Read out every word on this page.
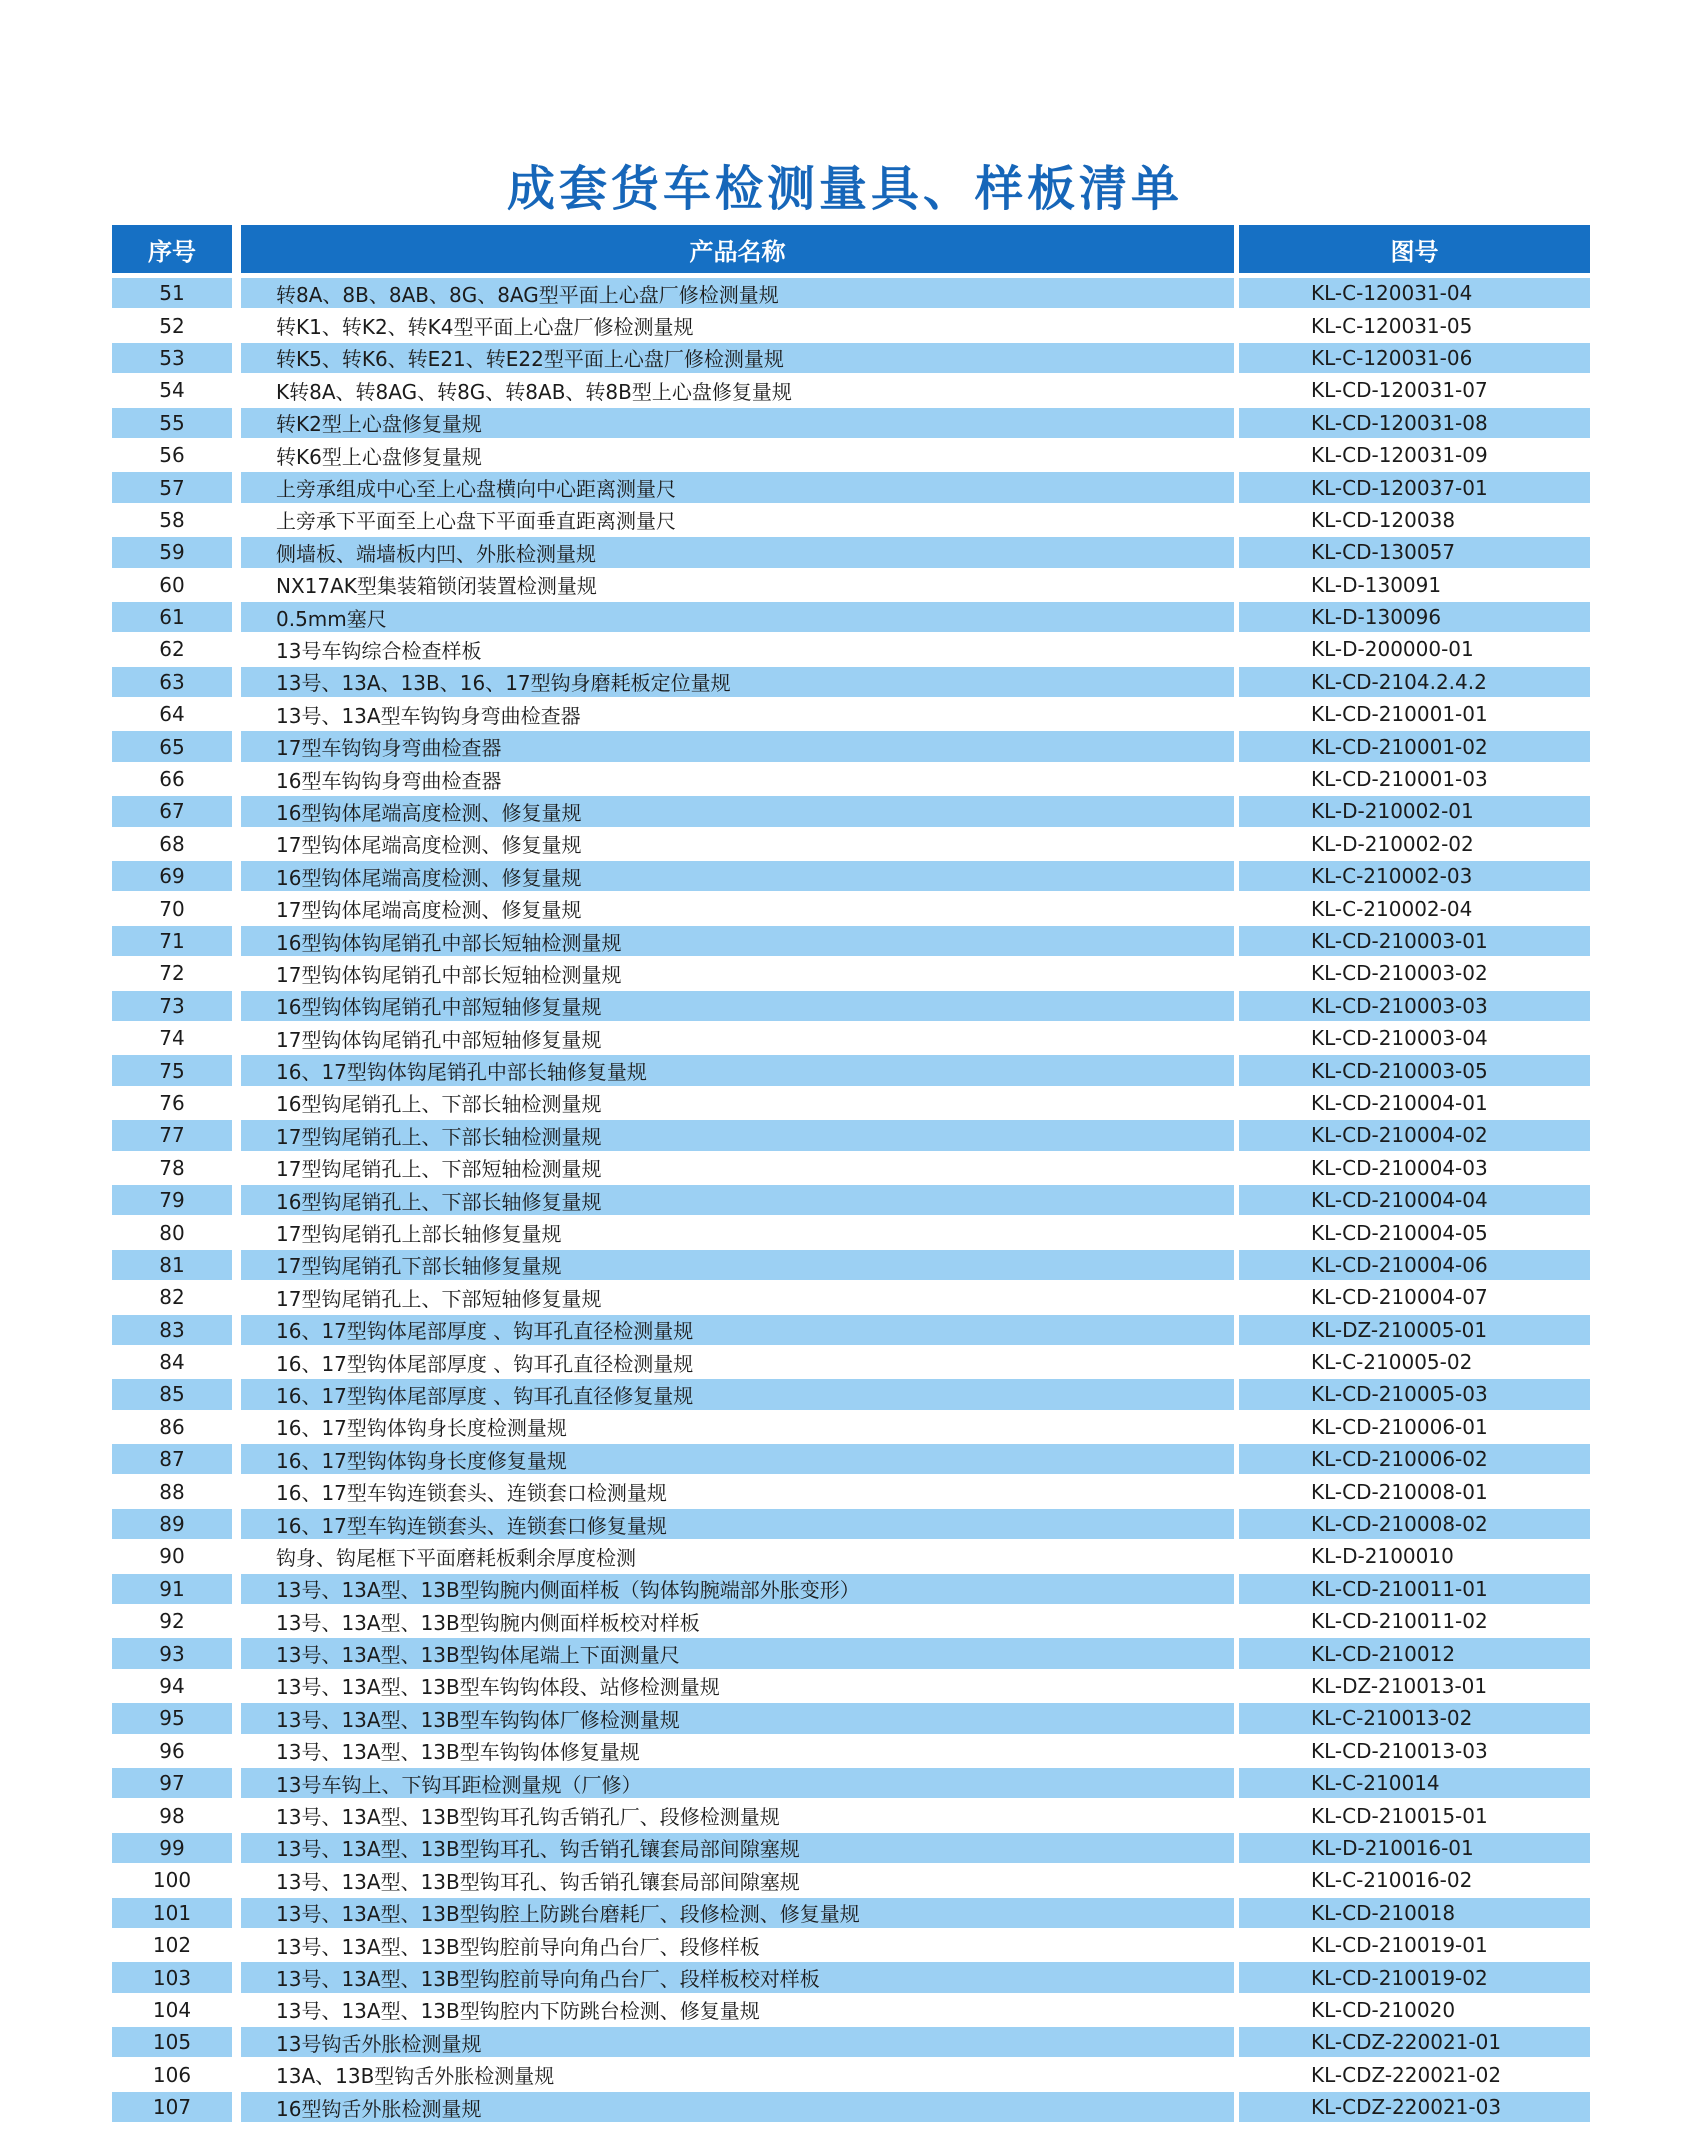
成套货车检测量具、样板清单
序号	产品名称	图号
51	转8A、8B、8AB、8G、8AG型平面上心盘厂修检测量规	KL-C-120031-04
52	转K1、转K2、转K4型平面上心盘厂修检测量规	KL-C-120031-05
53	转K5、转K6、转E21、转E22型平面上心盘厂修检测量规	KL-C-120031-06
54	K转8A、转8AG、转8G、转8AB、转8B型上心盘修复量规	KL-CD-120031-07
55	转K2型上心盘修复量规	KL-CD-120031-08
56	转K6型上心盘修复量规	KL-CD-120031-09
57	上旁承组成中心至上心盘横向中心距离测量尺	KL-CD-120037-01
58	上旁承下平面至上心盘下平面垂直距离测量尺	KL-CD-120038
59	侧墙板、端墙板内凹、外胀检测量规	KL-CD-130057
60	NX17AK型集装箱锁闭装置检测量规	KL-D-130091
61	0.5mm塞尺	KL-D-130096
62	13号车钩综合检查样板	KL-D-200000-01
63	13号、13A、13B、16、17型钩身磨耗板定位量规	KL-CD-2104.2.4.2
64	13号、13A型车钩钩身弯曲检查器	KL-CD-210001-01
65	17型车钩钩身弯曲检查器	KL-CD-210001-02
66	16型车钩钩身弯曲检查器	KL-CD-210001-03
67	16型钩体尾端高度检测、修复量规	KL-D-210002-01
68	17型钩体尾端高度检测、修复量规	KL-D-210002-02
69	16型钩体尾端高度检测、修复量规	KL-C-210002-03
70	17型钩体尾端高度检测、修复量规	KL-C-210002-04
71	16型钩体钩尾销孔中部长短轴检测量规	KL-CD-210003-01
72	17型钩体钩尾销孔中部长短轴检测量规	KL-CD-210003-02
73	16型钩体钩尾销孔中部短轴修复量规	KL-CD-210003-03
74	17型钩体钩尾销孔中部短轴修复量规	KL-CD-210003-04
75	16、17型钩体钩尾销孔中部长轴修复量规	KL-CD-210003-05
76	16型钩尾销孔上、下部长轴检测量规	KL-CD-210004-01
77	17型钩尾销孔上、下部长轴检测量规	KL-CD-210004-02
78	17型钩尾销孔上、下部短轴检测量规	KL-CD-210004-03
79	16型钩尾销孔上、下部长轴修复量规	KL-CD-210004-04
80	17型钩尾销孔上部长轴修复量规	KL-CD-210004-05
81	17型钩尾销孔下部长轴修复量规	KL-CD-210004-06
82	17型钩尾销孔上、下部短轴修复量规	KL-CD-210004-07
83	16、17型钩体尾部厚度 、钩耳孔直径检测量规	KL-DZ-210005-01
84	16、17型钩体尾部厚度 、钩耳孔直径检测量规	KL-C-210005-02
85	16、17型钩体尾部厚度 、钩耳孔直径修复量规	KL-CD-210005-03
86	16、17型钩体钩身长度检测量规	KL-CD-210006-01
87	16、17型钩体钩身长度修复量规	KL-CD-210006-02
88	16、17型车钩连锁套头、连锁套口检测量规	KL-CD-210008-01
89	16、17型车钩连锁套头、连锁套口修复量规	KL-CD-210008-02
90	钩身、钩尾框下平面磨耗板剩余厚度检测	KL-D-2100010
91	13号、13A型、13B型钩腕内侧面样板（钩体钩腕端部外胀变形）	KL-CD-210011-01
92	13号、13A型、13B型钩腕内侧面样板校对样板	KL-CD-210011-02
93	13号、13A型、13B型钩体尾端上下面测量尺	KL-CD-210012
94	13号、13A型、13B型车钩钩体段、站修检测量规	KL-DZ-210013-01
95	13号、13A型、13B型车钩钩体厂修检测量规	KL-C-210013-02
96	13号、13A型、13B型车钩钩体修复量规	KL-CD-210013-03
97	13号车钩上、下钩耳距检测量规（厂修）	KL-C-210014
98	13号、13A型、13B型钩耳孔钩舌销孔厂、段修检测量规	KL-CD-210015-01
99	13号、13A型、13B型钩耳孔、钩舌销孔镶套局部间隙塞规	KL-D-210016-01
100	13号、13A型、13B型钩耳孔、钩舌销孔镶套局部间隙塞规	KL-C-210016-02
101	13号、13A型、13B型钩腔上防跳台磨耗厂、段修检测、修复量规	KL-CD-210018
102	13号、13A型、13B型钩腔前导向角凸台厂、段修样板	KL-CD-210019-01
103	13号、13A型、13B型钩腔前导向角凸台厂、段样板校对样板	KL-CD-210019-02
104	13号、13A型、13B型钩腔内下防跳台检测、修复量规	KL-CD-210020
105	13号钩舌外胀检测量规	KL-CDZ-220021-01
106	13A、13B型钩舌外胀检测量规	KL-CDZ-220021-02
107	16型钩舌外胀检测量规	KL-CDZ-220021-03
